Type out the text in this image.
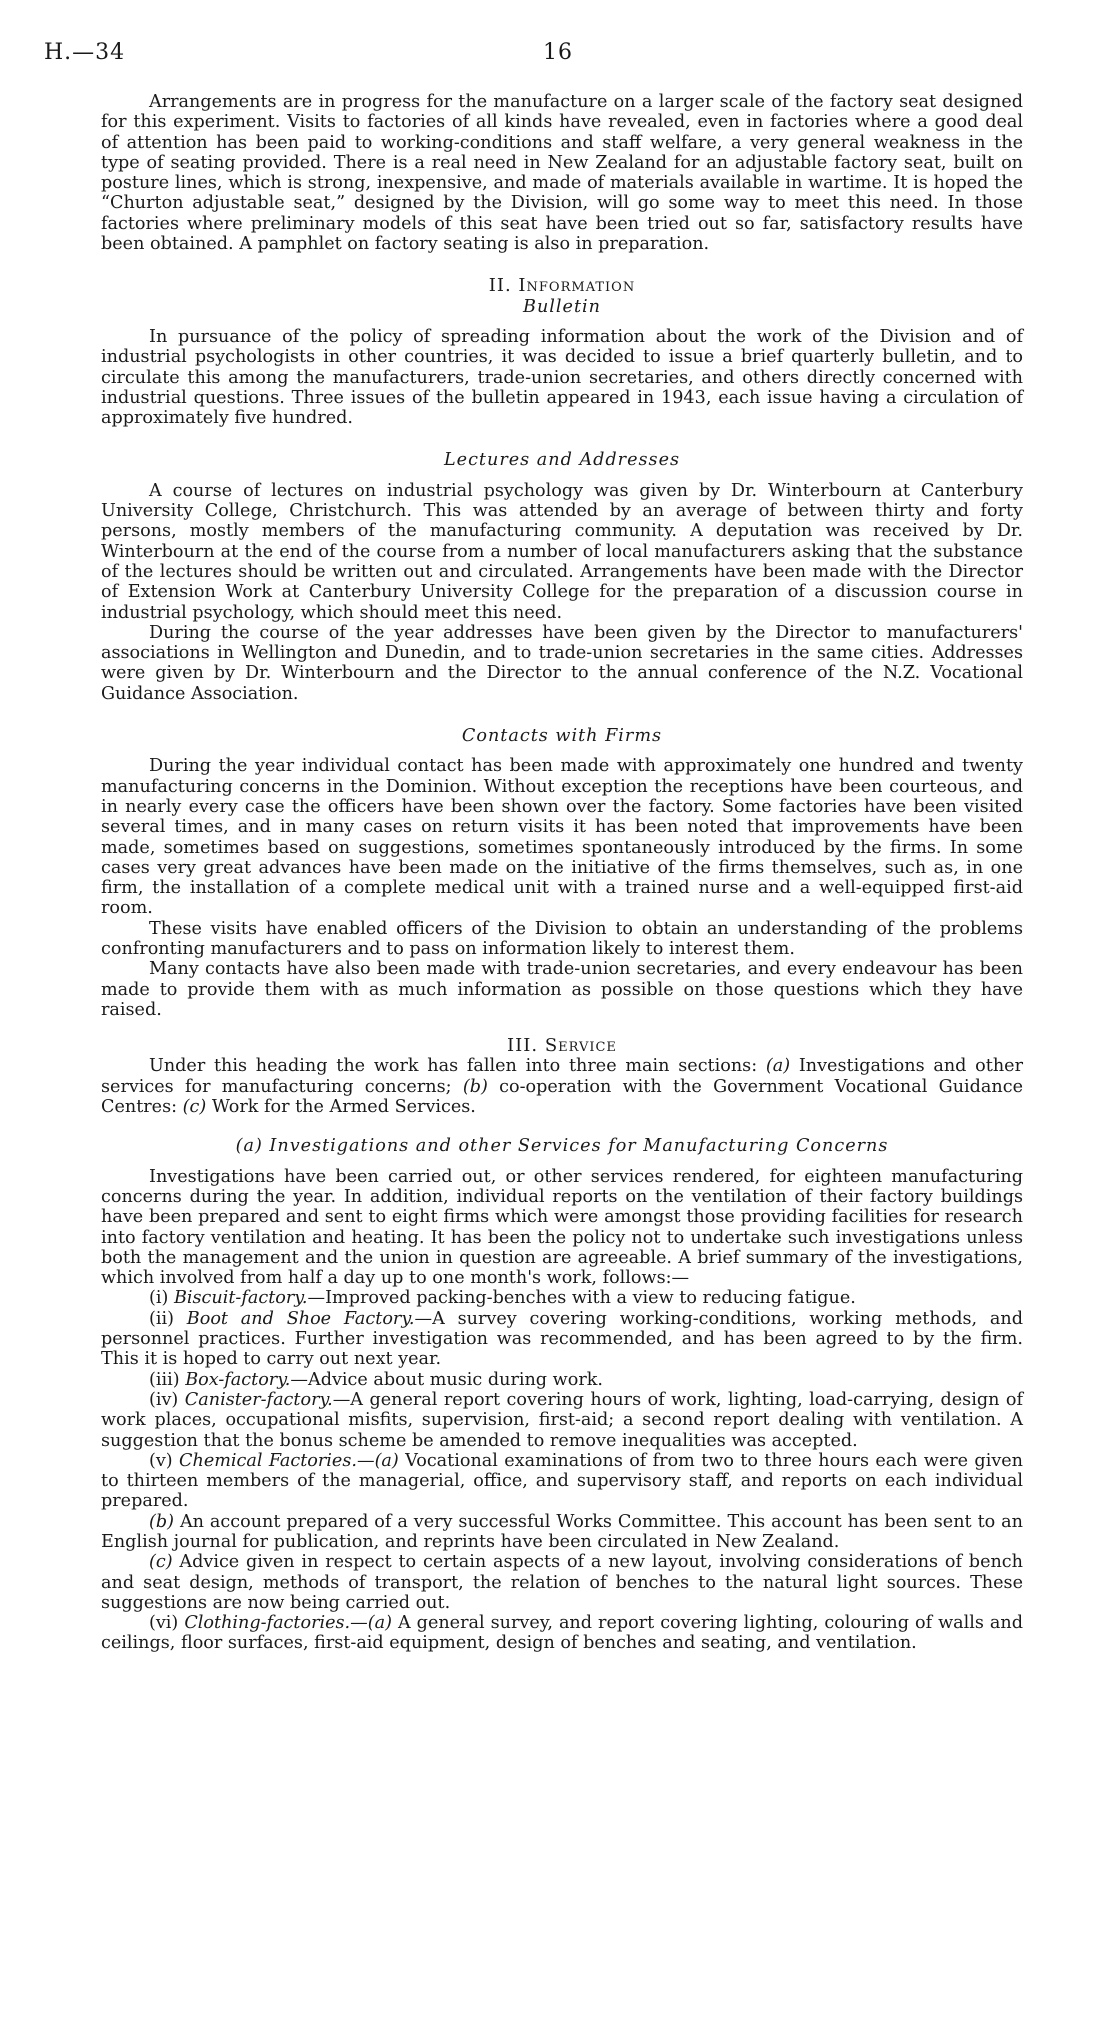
H.—34	16

Arrangements are in progress for the manufacture on a larger scale of the factory seat designed for this experiment. Visits to factories of all kinds have revealed, even in factories where a good deal of attention has been paid to working-conditions and staff welfare, a very general weakness in the type of seating provided. There is a real need in New Zealand for an adjustable factory seat, built on posture lines, which is strong, inexpensive, and made of materials available in wartime. It is hoped the “Churton adjustable seat,” designed by the Division, will go some way to meet this need. In those factories where preliminary models of this seat have been tried out so far, satisfactory results have been obtained. A pamphlet on factory seating is also in preparation.

II. Information
Bulletin

In pursuance of the policy of spreading information about the work of the Division and of industrial psychologists in other countries, it was decided to issue a brief quarterly bulletin, and to circulate this among the manufacturers, trade-union secretaries, and others directly concerned with industrial questions. Three issues of the bulletin appeared in 1943, each issue having a circulation of approximately five hundred.

Lectures and Addresses

A course of lectures on industrial psychology was given by Dr. Winterbourn at Canterbury University College, Christchurch. This was attended by an average of between thirty and forty persons, mostly members of the manufacturing community. A deputation was received by Dr. Winterbourn at the end of the course from a number of local manufacturers asking that the substance of the lectures should be written out and circulated. Arrangements have been made with the Director of Extension Work at Canterbury University College for the preparation of a discussion course in industrial psychology, which should meet this need.

During the course of the year addresses have been given by the Director to manufacturers' associations in Wellington and Dunedin, and to trade-union secretaries in the same cities. Addresses were given by Dr. Winterbourn and the Director to the annual conference of the N.Z. Vocational Guidance Association.

Contacts with Firms

During the year individual contact has been made with approximately one hundred and twenty manufacturing concerns in the Dominion. Without exception the receptions have been courteous, and in nearly every case the officers have been shown over the factory. Some factories have been visited several times, and in many cases on return visits it has been noted that improvements have been made, sometimes based on suggestions, sometimes spontaneously introduced by the firms. In some cases very great advances have been made on the initiative of the firms themselves, such as, in one firm, the installation of a complete medical unit with a trained nurse and a well-equipped first-aid room.

These visits have enabled officers of the Division to obtain an understanding of the problems confronting manufacturers and to pass on information likely to interest them.

Many contacts have also been made with trade-union secretaries, and every endeavour has been made to provide them with as much information as possible on those questions which they have raised.

III. Service

Under this heading the work has fallen into three main sections: (a) Investigations and other services for manufacturing concerns; (b) co-operation with the Government Vocational Guidance Centres: (c) Work for the Armed Services.

(a) Investigations and other Services for Manufacturing Concerns

Investigations have been carried out, or other services rendered, for eighteen manufacturing concerns during the year. In addition, individual reports on the ventilation of their factory buildings have been prepared and sent to eight firms which were amongst those providing facilities for research into factory ventilation and heating. It has been the policy not to undertake such investigations unless both the management and the union in question are agreeable. A brief summary of the investigations, which involved from half a day up to one month's work, follows:—

(i) Biscuit-factory.—Improved packing-benches with a view to reducing fatigue.

(ii) Boot and Shoe Factory.—A survey covering working-conditions, working methods, and personnel practices. Further investigation was recommended, and has been agreed to by the firm. This it is hoped to carry out next year.

(iii) Box-factory.—Advice about music during work.

(iv) Canister-factory.—A general report covering hours of work, lighting, load-carrying, design of work places, occupational misfits, supervision, first-aid; a second report dealing with ventilation. A suggestion that the bonus scheme be amended to remove inequalities was accepted.

(v) Chemical Factories.—(a) Vocational examinations of from two to three hours each were given to thirteen members of the managerial, office, and supervisory staff, and reports on each individual prepared.

(b) An account prepared of a very successful Works Committee. This account has been sent to an English journal for publication, and reprints have been circulated in New Zealand.

(c) Advice given in respect to certain aspects of a new layout, involving considerations of bench and seat design, methods of transport, the relation of benches to the natural light sources. These suggestions are now being carried out.

(vi) Clothing-factories.—(a) A general survey, and report covering lighting, colouring of walls and ceilings, floor surfaces, first-aid equipment, design of benches and seating, and ventilation.
